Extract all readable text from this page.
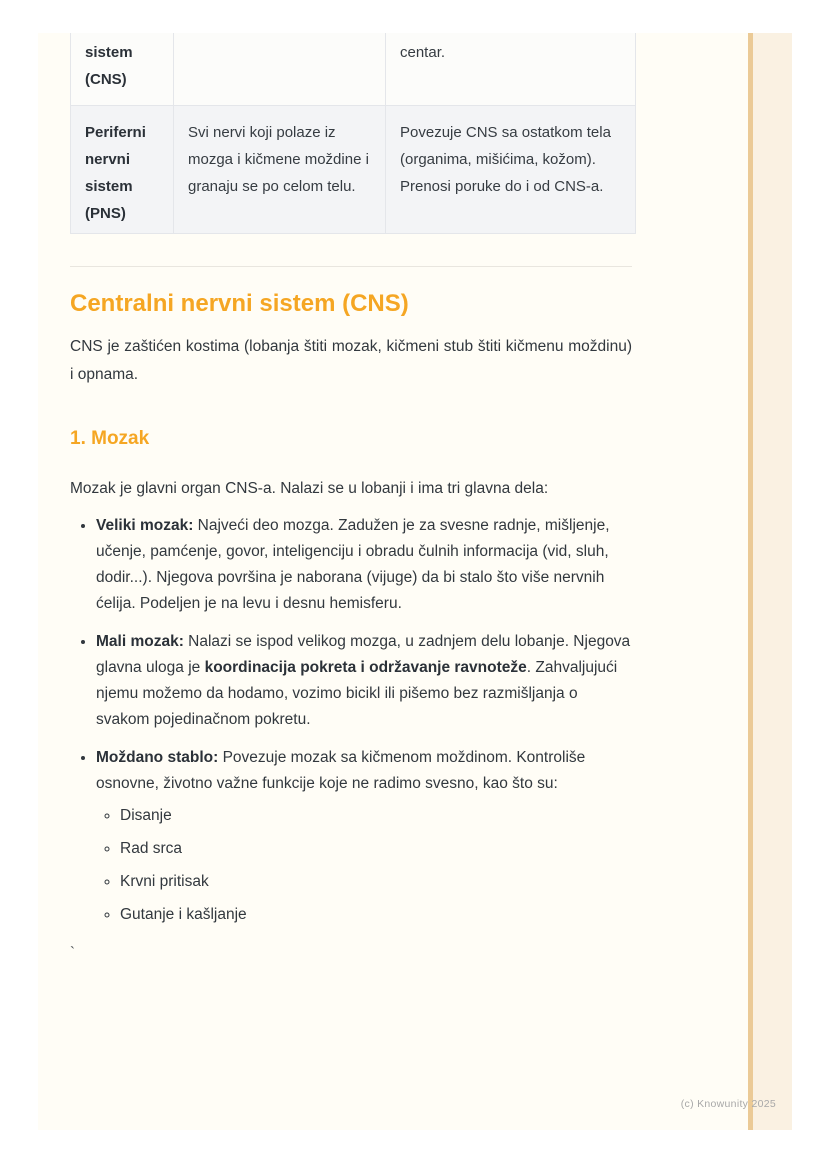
sistem (CNS)		centar.
Periferni nervni sistem (PNS)	Svi nervi koji polaze iz mozga i kičmene moždine i granaju se po celom telu.	Povezuje CNS sa ostatkom tela (organima, mišićima, kožom). Prenosi poruke do i od CNS-a.
Centralni nervni sistem (CNS)

CNS je zaštićen kostima (lobanja štiti mozak, kičmeni stub štiti kičmenu moždinu) i opnama.

1. Mozak

Mozak je glavni organ CNS-a. Nalazi se u lobanji i ima tri glavna dela:

• Veliki mozak: Najveći deo mozga. Zadužen je za svesne radnje, mišljenje, učenje, pamćenje, govor, inteligenciju i obradu čulnih informacija (vid, sluh, dodir...). Njegova površina je naborana (vijuge) da bi stalo što više nervnih ćelija. Podeljen je na levu i desnu hemisferu.
• Mali mozak: Nalazi se ispod velikog mozga, u zadnjem delu lobanje. Njegova glavna uloga je koordinacija pokreta i održavanje ravnoteže. Zahvaljujući njemu možemo da hodamo, vozimo bicikl ili pišemo bez razmišljanja o svakom pojedinačnom pokretu.
• Moždano stablo: Povezuje mozak sa kičmenom moždinom. Kontroliše osnovne, životno važne funkcije koje ne radimo svesno, kao što su:
◦ Disanje
◦ Rad srca
◦ Krvni pritisak
◦ Gutanje i kašljanje
`
(c) Knowunity 2025
